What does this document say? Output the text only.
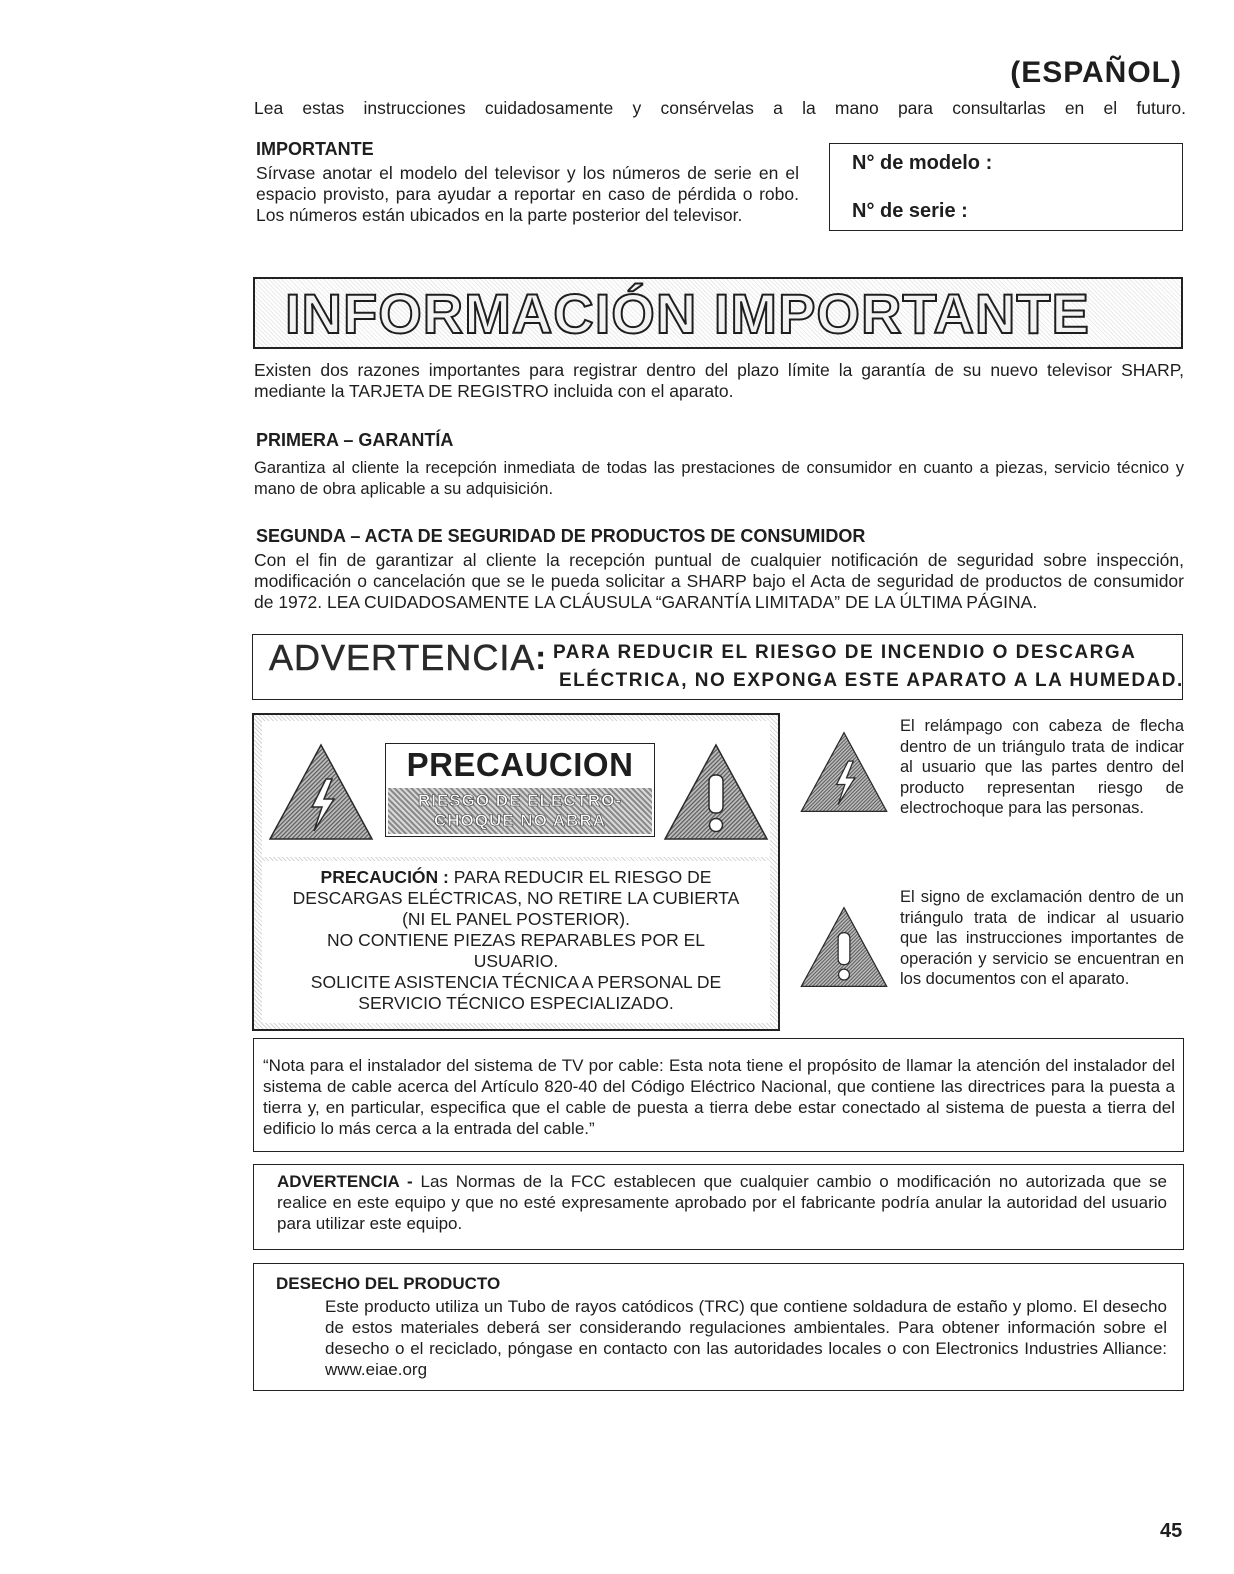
(ESPAÑOL)
Lea estas instrucciones cuidadosamente y consérvelas a la mano para consultarlas en el futuro.
IMPORTANTE
Sírvase anotar el modelo del televisor y los números de serie en el espacio provisto, para ayudar a reportar en caso de pérdida o robo. Los números están ubicados en la parte posterior del televisor.
N° de modelo :
N° de serie :
INFORMACIÓN IMPORTANTE
Existen dos razones importantes para registrar dentro del plazo límite la garantía de su nuevo televisor SHARP, mediante la TARJETA DE REGISTRO incluida con el aparato.
PRIMERA – GARANTÍA
Garantiza al cliente la recepción inmediata de todas las prestaciones de consumidor en cuanto a piezas, servicio técnico y mano de obra aplicable a su adquisición.
SEGUNDA – ACTA DE SEGURIDAD DE PRODUCTOS DE CONSUMIDOR
Con el fin de garantizar al cliente la recepción puntual de cualquier notificación de seguridad sobre inspección, modificación o cancelación que se le pueda solicitar a SHARP bajo el Acta de seguridad de productos de consumidor de 1972. LEA CUIDADOSAMENTE LA CLÁUSULA “GARANTÍA LIMITADA” DE LA ÚLTIMA PÁGINA.
ADVERTENCIA : PARA REDUCIR EL RIESGO DE INCENDIO O DESCARGA
ELÉCTRICA, NO EXPONGA ESTE APARATO A LA HUMEDAD.
PRECAUCION
RIESGO DE ELECTRO-
CHOQUE NO ABRA
PRECAUCIÓN : PARA REDUCIR EL RIESGO DE
DESCARGAS ELÉCTRICAS, NO RETIRE LA CUBIERTA
(NI EL PANEL POSTERIOR).
NO CONTIENE PIEZAS REPARABLES POR EL
USUARIO.
SOLICITE ASISTENCIA TÉCNICA A PERSONAL DE
SERVICIO TÉCNICO ESPECIALIZADO.
El relámpago con cabeza de flecha dentro de un triángulo trata de indicar al usuario que las partes dentro del producto representan riesgo de electrochoque para las personas.
El signo de exclamación dentro de un triángulo trata de indicar al usuario que las instrucciones importantes de operación y servicio se encuentran en los documentos con el aparato.
“Nota para el instalador del sistema de TV por cable: Esta nota tiene el propósito de llamar la atención del instalador del sistema de cable acerca del Artículo 820-40 del Código Eléctrico Nacional, que contiene las directrices para la puesta a tierra y, en particular, especifica que el cable de puesta a tierra debe estar conectado al sistema de puesta a tierra del edificio lo más cerca a la entrada del cable.”
ADVERTENCIA - Las Normas de la FCC establecen que cualquier cambio o modificación no autorizada que se realice en este equipo y que no esté expresamente aprobado por el fabricante podría anular la autoridad del usuario para utilizar este equipo.
DESECHO DEL PRODUCTO
Este producto utiliza un Tubo de rayos catódicos (TRC) que contiene soldadura de estaño y plomo. El desecho de estos materiales deberá ser considerando regulaciones ambientales. Para obtener información sobre el desecho o el reciclado, póngase en contacto con las autoridades locales o con Electronics Industries Alliance: www.eiae.org
45
